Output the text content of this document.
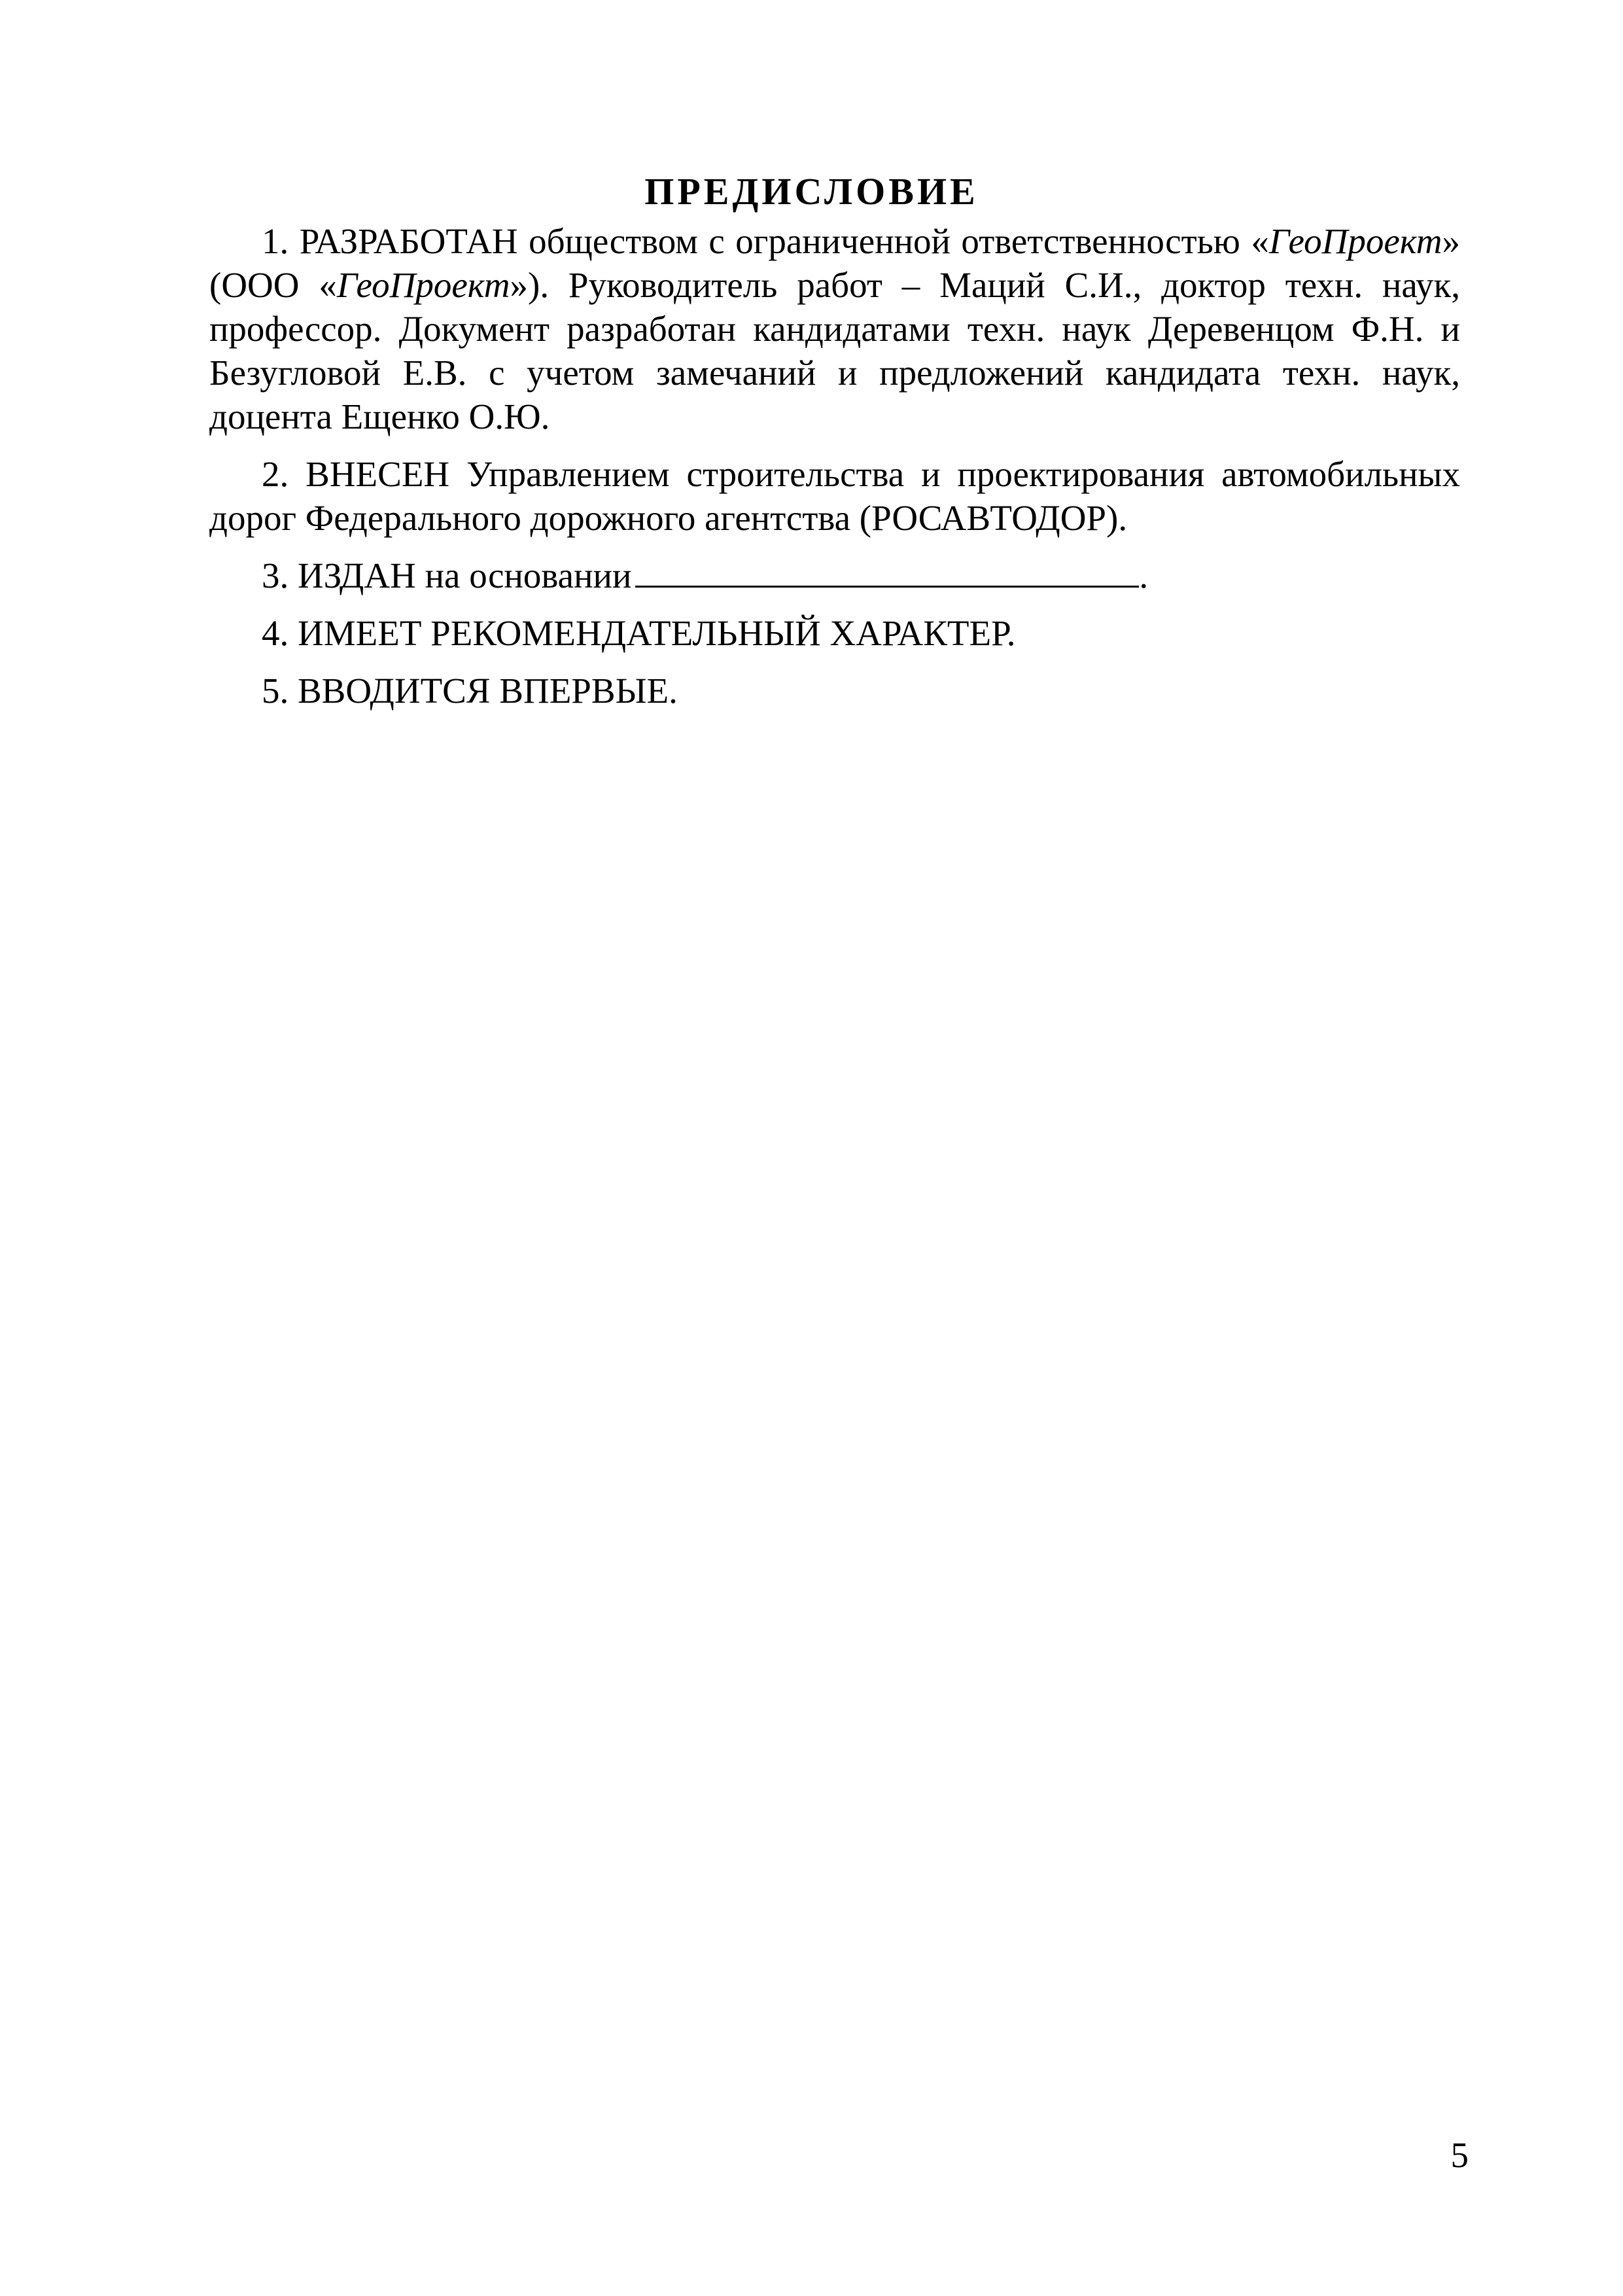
ПРЕДИСЛОВИЕ

1. РАЗРАБОТАН обществом с ограниченной ответственностью «ГеоПроект» (ООО «ГеоПроект»). Руководитель работ – Маций С.И., доктор техн. наук, профессор. Документ разработан кандидатами техн. наук Деревенцом Ф.Н. и Безугловой Е.В. с учетом замечаний и предложений кандидата техн. наук, доцента Ещенко О.Ю.

2. ВНЕСЕН Управлением строительства и проектирования автомобильных дорог Федерального дорожного агентства (РОСАВТОДОР).

3. ИЗДАН на основании	.

4. ИМЕЕТ РЕКОМЕНДАТЕЛЬНЫЙ ХАРАКТЕР.

5. ВВОДИТСЯ ВПЕРВЫЕ.

5
